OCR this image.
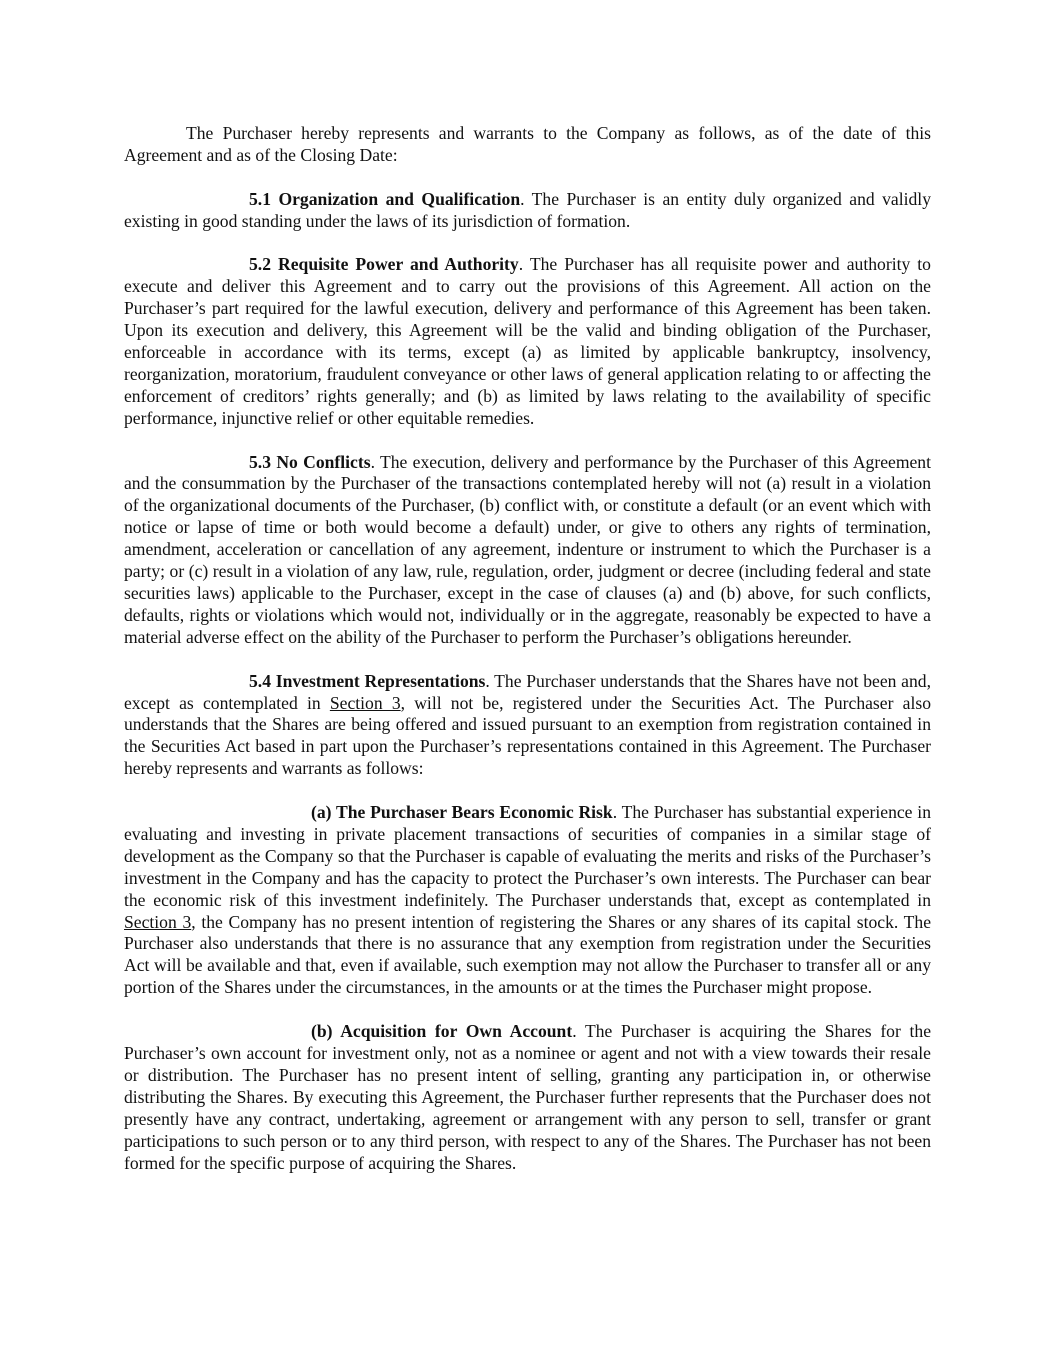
The Purchaser hereby represents and warrants to the Company as follows, as of the date of this Agreement and as of the Closing Date:

5.1 Organization and Qualification. The Purchaser is an entity duly organized and validly existing in good standing under the laws of its jurisdiction of formation.

5.2 Requisite Power and Authority. The Purchaser has all requisite power and authority to execute and deliver this Agreement and to carry out the provisions of this Agreement. All action on the Purchaser’s part required for the lawful execution, delivery and performance of this Agreement has been taken. Upon its execution and delivery, this Agreement will be the valid and binding obligation of the Purchaser, enforceable in accordance with its terms, except (a) as limited by applicable bankruptcy, insolvency, reorganization, moratorium, fraudulent conveyance or other laws of general application relating to or affecting the enforcement of creditors’ rights generally; and (b) as limited by laws relating to the availability of specific performance, injunctive relief or other equitable remedies.

5.3 No Conflicts. The execution, delivery and performance by the Purchaser of this Agreement and the consummation by the Purchaser of the transactions contemplated hereby will not (a) result in a violation of the organizational documents of the Purchaser, (b) conflict with, or constitute a default (or an event which with notice or lapse of time or both would become a default) under, or give to others any rights of termination, amendment, acceleration or cancellation of any agreement, indenture or instrument to which the Purchaser is a party; or (c) result in a violation of any law, rule, regulation, order, judgment or decree (including federal and state securities laws) applicable to the Purchaser, except in the case of clauses (a) and (b) above, for such conflicts, defaults, rights or violations which would not, individually or in the aggregate, reasonably be expected to have a material adverse effect on the ability of the Purchaser to perform the Purchaser’s obligations hereunder.

5.4 Investment Representations. The Purchaser understands that the Shares have not been and, except as contemplated in Section 3, will not be, registered under the Securities Act. The Purchaser also understands that the Shares are being offered and issued pursuant to an exemption from registration contained in the Securities Act based in part upon the Purchaser’s representations contained in this Agreement. The Purchaser hereby represents and warrants as follows:

(a) The Purchaser Bears Economic Risk. The Purchaser has substantial experience in evaluating and investing in private placement transactions of securities of companies in a similar stage of development as the Company so that the Purchaser is capable of evaluating the merits and risks of the Purchaser’s investment in the Company and has the capacity to protect the Purchaser’s own interests. The Purchaser can bear the economic risk of this investment indefinitely. The Purchaser understands that, except as contemplated in Section 3, the Company has no present intention of registering the Shares or any shares of its capital stock. The Purchaser also understands that there is no assurance that any exemption from registration under the Securities Act will be available and that, even if available, such exemption may not allow the Purchaser to transfer all or any portion of the Shares under the circumstances, in the amounts or at the times the Purchaser might propose.

(b) Acquisition for Own Account. The Purchaser is acquiring the Shares for the Purchaser’s own account for investment only, not as a nominee or agent and not with a view towards their resale or distribution. The Purchaser has no present intent of selling, granting any participation in, or otherwise distributing the Shares. By executing this Agreement, the Purchaser further represents that the Purchaser does not presently have any contract, undertaking, agreement or arrangement with any person to sell, transfer or grant participations to such person or to any third person, with respect to any of the Shares. The Purchaser has not been formed for the specific purpose of acquiring the Shares.
